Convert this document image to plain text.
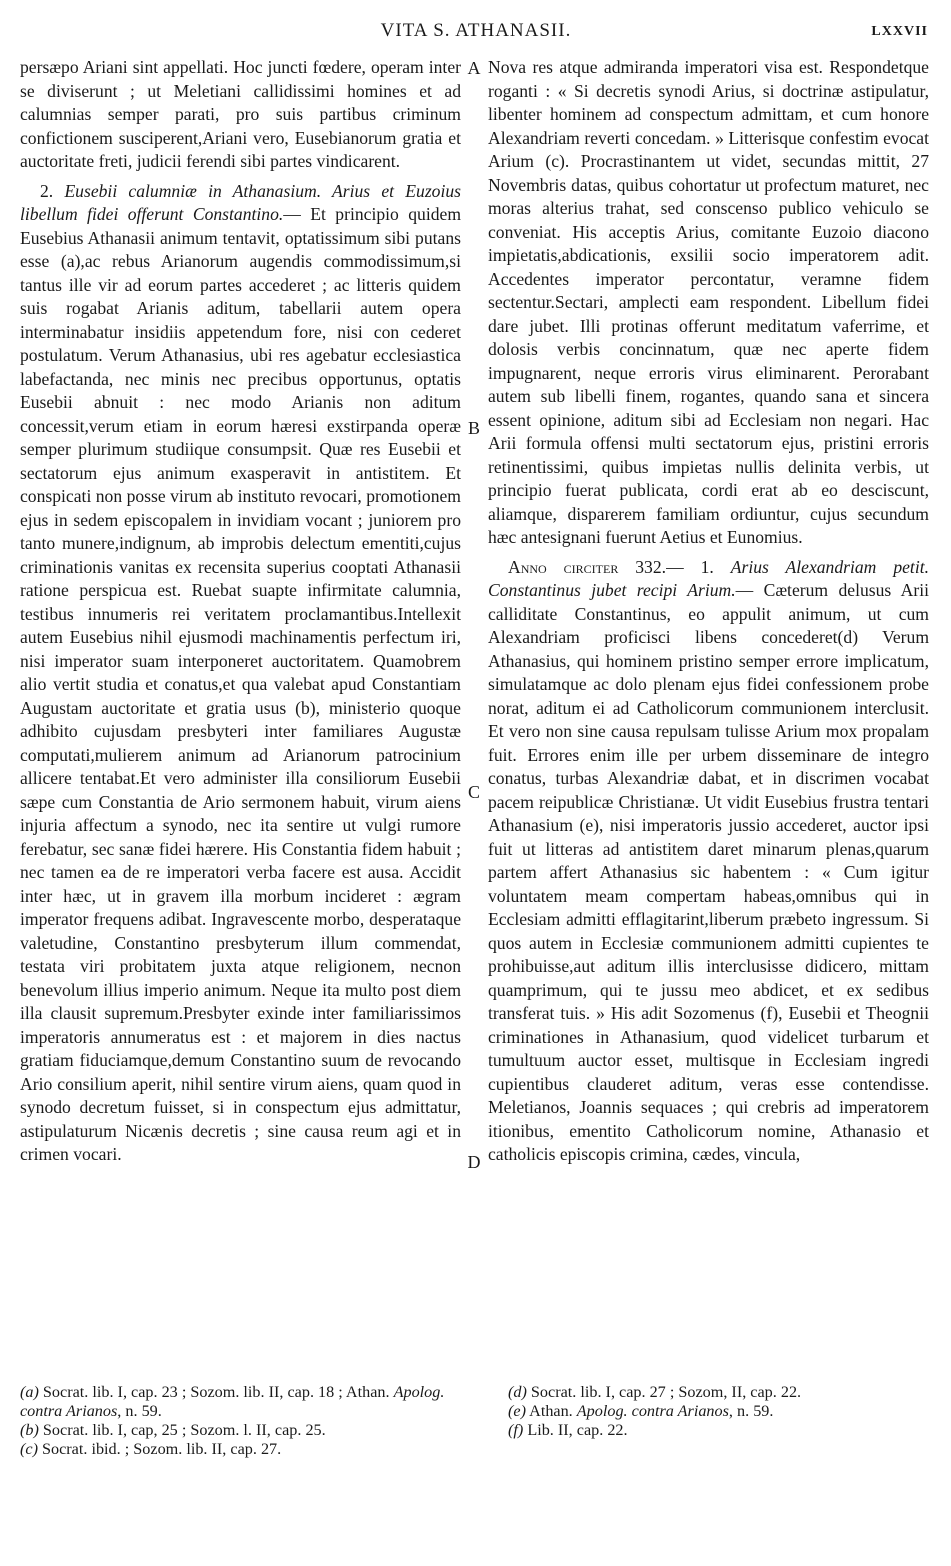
VITA S. ATHANASII.	LXXVII

persæpo Ariani sint appellati. Hoc juncti fœdere, operam inter se diviserunt ; ut Meletiani callidissimi homines et ad calumnias semper parati, pro suis partibus criminum confictionem susciperent,Ariani vero, Eusebianorum gratia et auctoritate freti, judicii ferendi sibi partes vindicarent.

2. Eusebii calumniæ in Athanasium. Arius et Euzoius libellum fidei offerunt Constantino.— Et principio quidem Eusebius Athanasii animum tentavit, optatissimum sibi putans esse (a),ac rebus Arianorum augendis commodissimum,si tantus ille vir ad eorum partes accederet ; ac litteris quidem suis rogabat Arianis aditum, tabellarii autem opera interminabatur insidiis appetendum fore, nisi con cederet postulatum. Verum Athanasius, ubi res agebatur ecclesiastica labefactanda, nec minis nec precibus opportunus, optatis Eusebii abnuit : nec modo Arianis non aditum concessit,verum etiam in eorum hæresi exstirpanda operæ semper plurimum studiique consumpsit. Quæ res Eusebii et sectatorum ejus animum exasperavit in antistitem. Et conspicati non posse virum ab instituto revocari, promotionem ejus in sedem episcopalem in invidiam vocant ; juniorem pro tanto munere,indignum, ab improbis delectum ementiti,cujus criminationis vanitas ex recensita superius cooptati Athanasii ratione perspicua est. Ruebat suapte infirmitate calumnia, testibus innumeris rei veritatem proclamantibus.Intellexit autem Eusebius nihil ejusmodi machinamentis perfectum iri, nisi imperator suam interponeret auctoritatem. Quamobrem alio vertit studia et conatus,et qua valebat apud Constantiam Augustam auctoritate et gratia usus (b), ministerio quoque adhibito cujusdam presbyteri inter familiares Augustæ computati,mulierem animum ad Arianorum patrocinium allicere tentabat.Et vero administer illa consiliorum Eusebii sæpe cum Constantia de Ario sermonem habuit, virum aiens injuria affectum a synodo, nec ita sentire ut vulgi rumore ferebatur, sec sanæ fidei hærere. His Constantia fidem habuit ; nec tamen ea de re imperatori verba facere est ausa. Accidit inter hæc, ut in gravem illa morbum incideret : ægram imperator frequens adibat. Ingravescente morbo, desperataque valetudine, Constantino presbyterum illum commendat, testata viri probitatem juxta atque religionem, necnon benevolum illius imperio animum. Neque ita multo post diem illa clausit supremum.Presbyter exinde inter familiarissimos imperatoris annumeratus est : et majorem in dies nactus gratiam fiduciamque,demum Constantino suum de revocando Ario consilium aperit, nihil sentire virum aiens, quam quod in synodo decretum fuisset, si in conspectum ejus admittatur, astipulaturum Nicænis decretis ; sine causa reum agi et in crimen vocari.

A
B
C
D

Nova res atque admiranda imperatori visa est. Respondetque roganti : « Si decretis synodi Arius, si doctrinæ astipulatur, libenter hominem ad conspectum admittam, et cum honore Alexandriam reverti concedam. » Litterisque confestim evocat Arium (c). Procrastinantem ut videt, secundas mittit, 27 Novembris datas, quibus cohortatur ut profectum maturet, nec moras alterius trahat, sed conscenso publico vehiculo se conveniat. His acceptis Arius, comitante Euzoio diacono impietatis,abdicationis, exsilii socio imperatorem adit. Accedentes imperator percontatur, veramne fidem sectentur.Sectari, amplecti eam respondent. Libellum fidei dare jubet. Illi protinas offerunt meditatum vaferrime, et dolosis verbis concinnatum, quæ nec aperte fidem impugnarent, neque erroris virus eliminarent. Perorabant autem sub libelli finem, rogantes, quando sana et sincera essent opinione, aditum sibi ad Ecclesiam non negari. Hac Arii formula offensi multi sectatorum ejus, pristini erroris retinentissimi, quibus impietas nullis delinita verbis, ut principio fuerat publicata, cordi erat ab eo desciscunt, aliamque, disparerem familiam ordiuntur, cujus secundum hæc antesignani fuerunt Aetius et Eunomius.

Anno circiter 332.— 1. Arius Alexandriam petit. Constantinus jubet recipi Arium.— Cæterum delusus Arii calliditate Constantinus, eo appulit animum, ut cum Alexandriam proficisci libens concederet(d) Verum Athanasius, qui hominem pristino semper errore implicatum, simulatamque ac dolo plenam ejus fidei confessionem probe norat, aditum ei ad Catholicorum communionem interclusit. Et vero non sine causa repulsam tulisse Arium mox propalam fuit. Errores enim ille per urbem disseminare de integro conatus, turbas Alexandriæ dabat, et in discrimen vocabat pacem reipublicæ Christianæ. Ut vidit Eusebius frustra tentari Athanasium (e), nisi imperatoris jussio accederet, auctor ipsi fuit ut litteras ad antistitem daret minarum plenas,quarum partem affert Athanasius sic habentem : « Cum igitur voluntatem meam compertam habeas,omnibus qui in Ecclesiam admitti efflagitarint,liberum præbeto ingressum. Si quos autem in Ecclesiæ communionem admitti cupientes te prohibuisse,aut aditum illis interclusisse didicero, mittam quamprimum, qui te jussu meo abdicet, et ex sedibus transferat tuis. » His adit Sozomenus (f), Eusebii et Theognii criminationes in Athanasium, quod videlicet turbarum et tumultuum auctor esset, multisque in Ecclesiam ingredi cupientibus clauderet aditum, veras esse contendisse. Meletianos, Joannis sequaces ; qui crebris ad imperatorem itionibus, ementito Catholicorum nomine, Athanasio et catholicis episcopis crimina, cædes, vincula,

(a) Socrat. lib. I, cap. 23 ; Sozom. lib. II, cap. 18 ; Athan. Apolog. contra Arianos, n. 59.

(b) Socrat. lib. I, cap, 25 ; Sozom. l. II, cap. 25.

(c) Socrat. ibid. ; Sozom. lib. II, cap. 27.

(d) Socrat. lib. I, cap. 27 ; Sozom, II, cap. 22.

(e) Athan. Apolog. contra Arianos, n. 59.

(f) Lib. II, cap. 22.
